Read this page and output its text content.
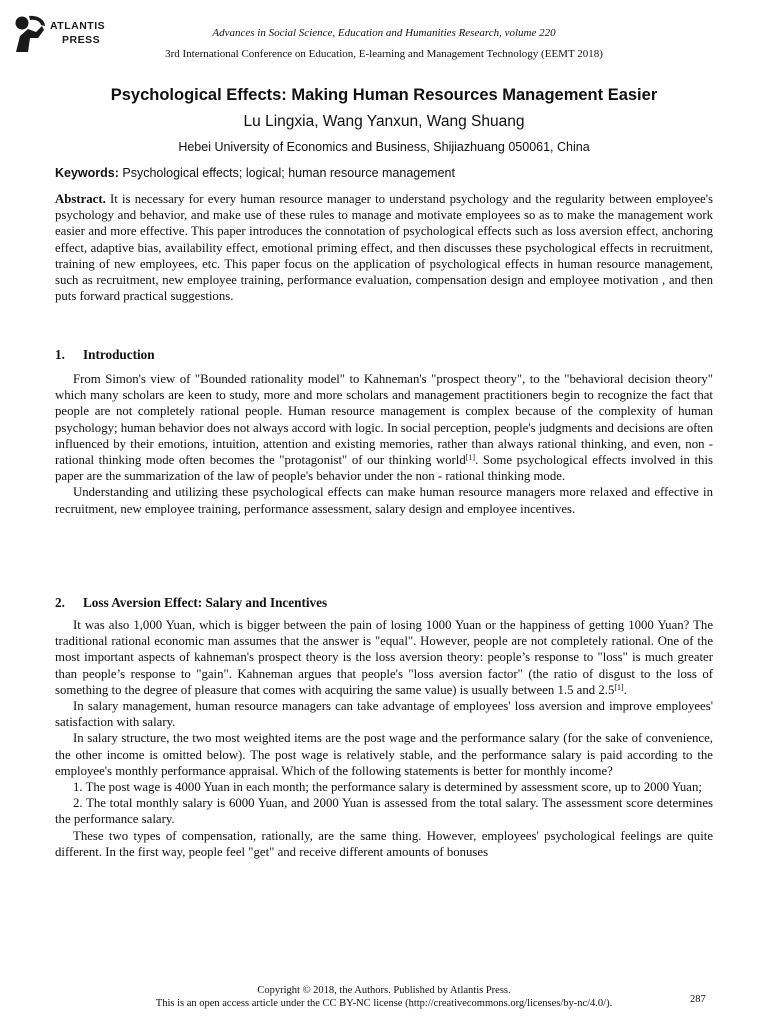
ATLANTIS
PRESS
Advances in Social Science, Education and Humanities Research, volume 220
3rd International Conference on Education, E-learning and Management Technology (EEMT 2018)
Psychological Effects: Making Human Resources Management Easier
Lu Lingxia, Wang Yanxun, Wang Shuang
Hebei University of Economics and Business, Shijiazhuang 050061, China
Keywords: Psychological effects; logical; human resource management

Abstract. It is necessary for every human resource manager to understand psychology and the regularity between employee's psychology and behavior, and make use of these rules to manage and motivate employees so as to make the management work easier and more effective. This paper introduces the connotation of psychological effects such as loss aversion effect, anchoring effect, adaptive bias, availability effect, emotional priming effect, and then discusses these psychological effects in recruitment, training of new employees, etc. This paper focus on the application of psychological effects in human resource management, such as recruitment, new employee training, performance evaluation, compensation design and employee motivation , and then puts forward practical suggestions.

1. Introduction

From Simon's view of "Bounded rationality model" to Kahneman's "prospect theory", to the "behavioral decision theory" which many scholars are keen to study, more and more scholars and management practitioners begin to recognize the fact that people are not completely rational people. Human resource management is complex because of the complexity of human psychology; human behavior does not always accord with logic. In social perception, people's judgments and decisions are often influenced by their emotions, intuition, attention and existing memories, rather than always rational thinking, and even, non - rational thinking mode often becomes the "protagonist" of our thinking world[1]. Some psychological effects involved in this paper are the summarization of the law of people's behavior under the non - rational thinking mode.

Understanding and utilizing these psychological effects can make human resource managers more relaxed and effective in recruitment, new employee training, performance assessment, salary design and employee incentives.

2. Loss Aversion Effect: Salary and Incentives

It was also 1,000 Yuan, which is bigger between the pain of losing 1000 Yuan or the happiness of getting 1000 Yuan? The traditional rational economic man assumes that the answer is "equal". However, people are not completely rational. One of the most important aspects of kahneman's prospect theory is the loss aversion theory: people’s response to "loss" is much greater than people’s response to "gain". Kahneman argues that people's "loss aversion factor" (the ratio of disgust to the loss of something to the degree of pleasure that comes with acquiring the same value) is usually between 1.5 and 2.5[1].

In salary management, human resource managers can take advantage of employees' loss aversion and improve employees' satisfaction with salary.

In salary structure, the two most weighted items are the post wage and the performance salary (for the sake of convenience, the other income is omitted below). The post wage is relatively stable, and the performance salary is paid according to the employee's monthly performance appraisal. Which of the following statements is better for monthly income?

1. The post wage is 4000 Yuan in each month; the performance salary is determined by assessment score, up to 2000 Yuan;

2. The total monthly salary is 6000 Yuan, and 2000 Yuan is assessed from the total salary. The assessment score determines the performance salary.

These two types of compensation, rationally, are the same thing. However, employees' psychological feelings are quite different. In the first way, people feel "get" and receive different amounts of bonuses

Copyright © 2018, the Authors. Published by Atlantis Press.
This is an open access article under the CC BY-NC license (http://creativecommons.org/licenses/by-nc/4.0/).	287
